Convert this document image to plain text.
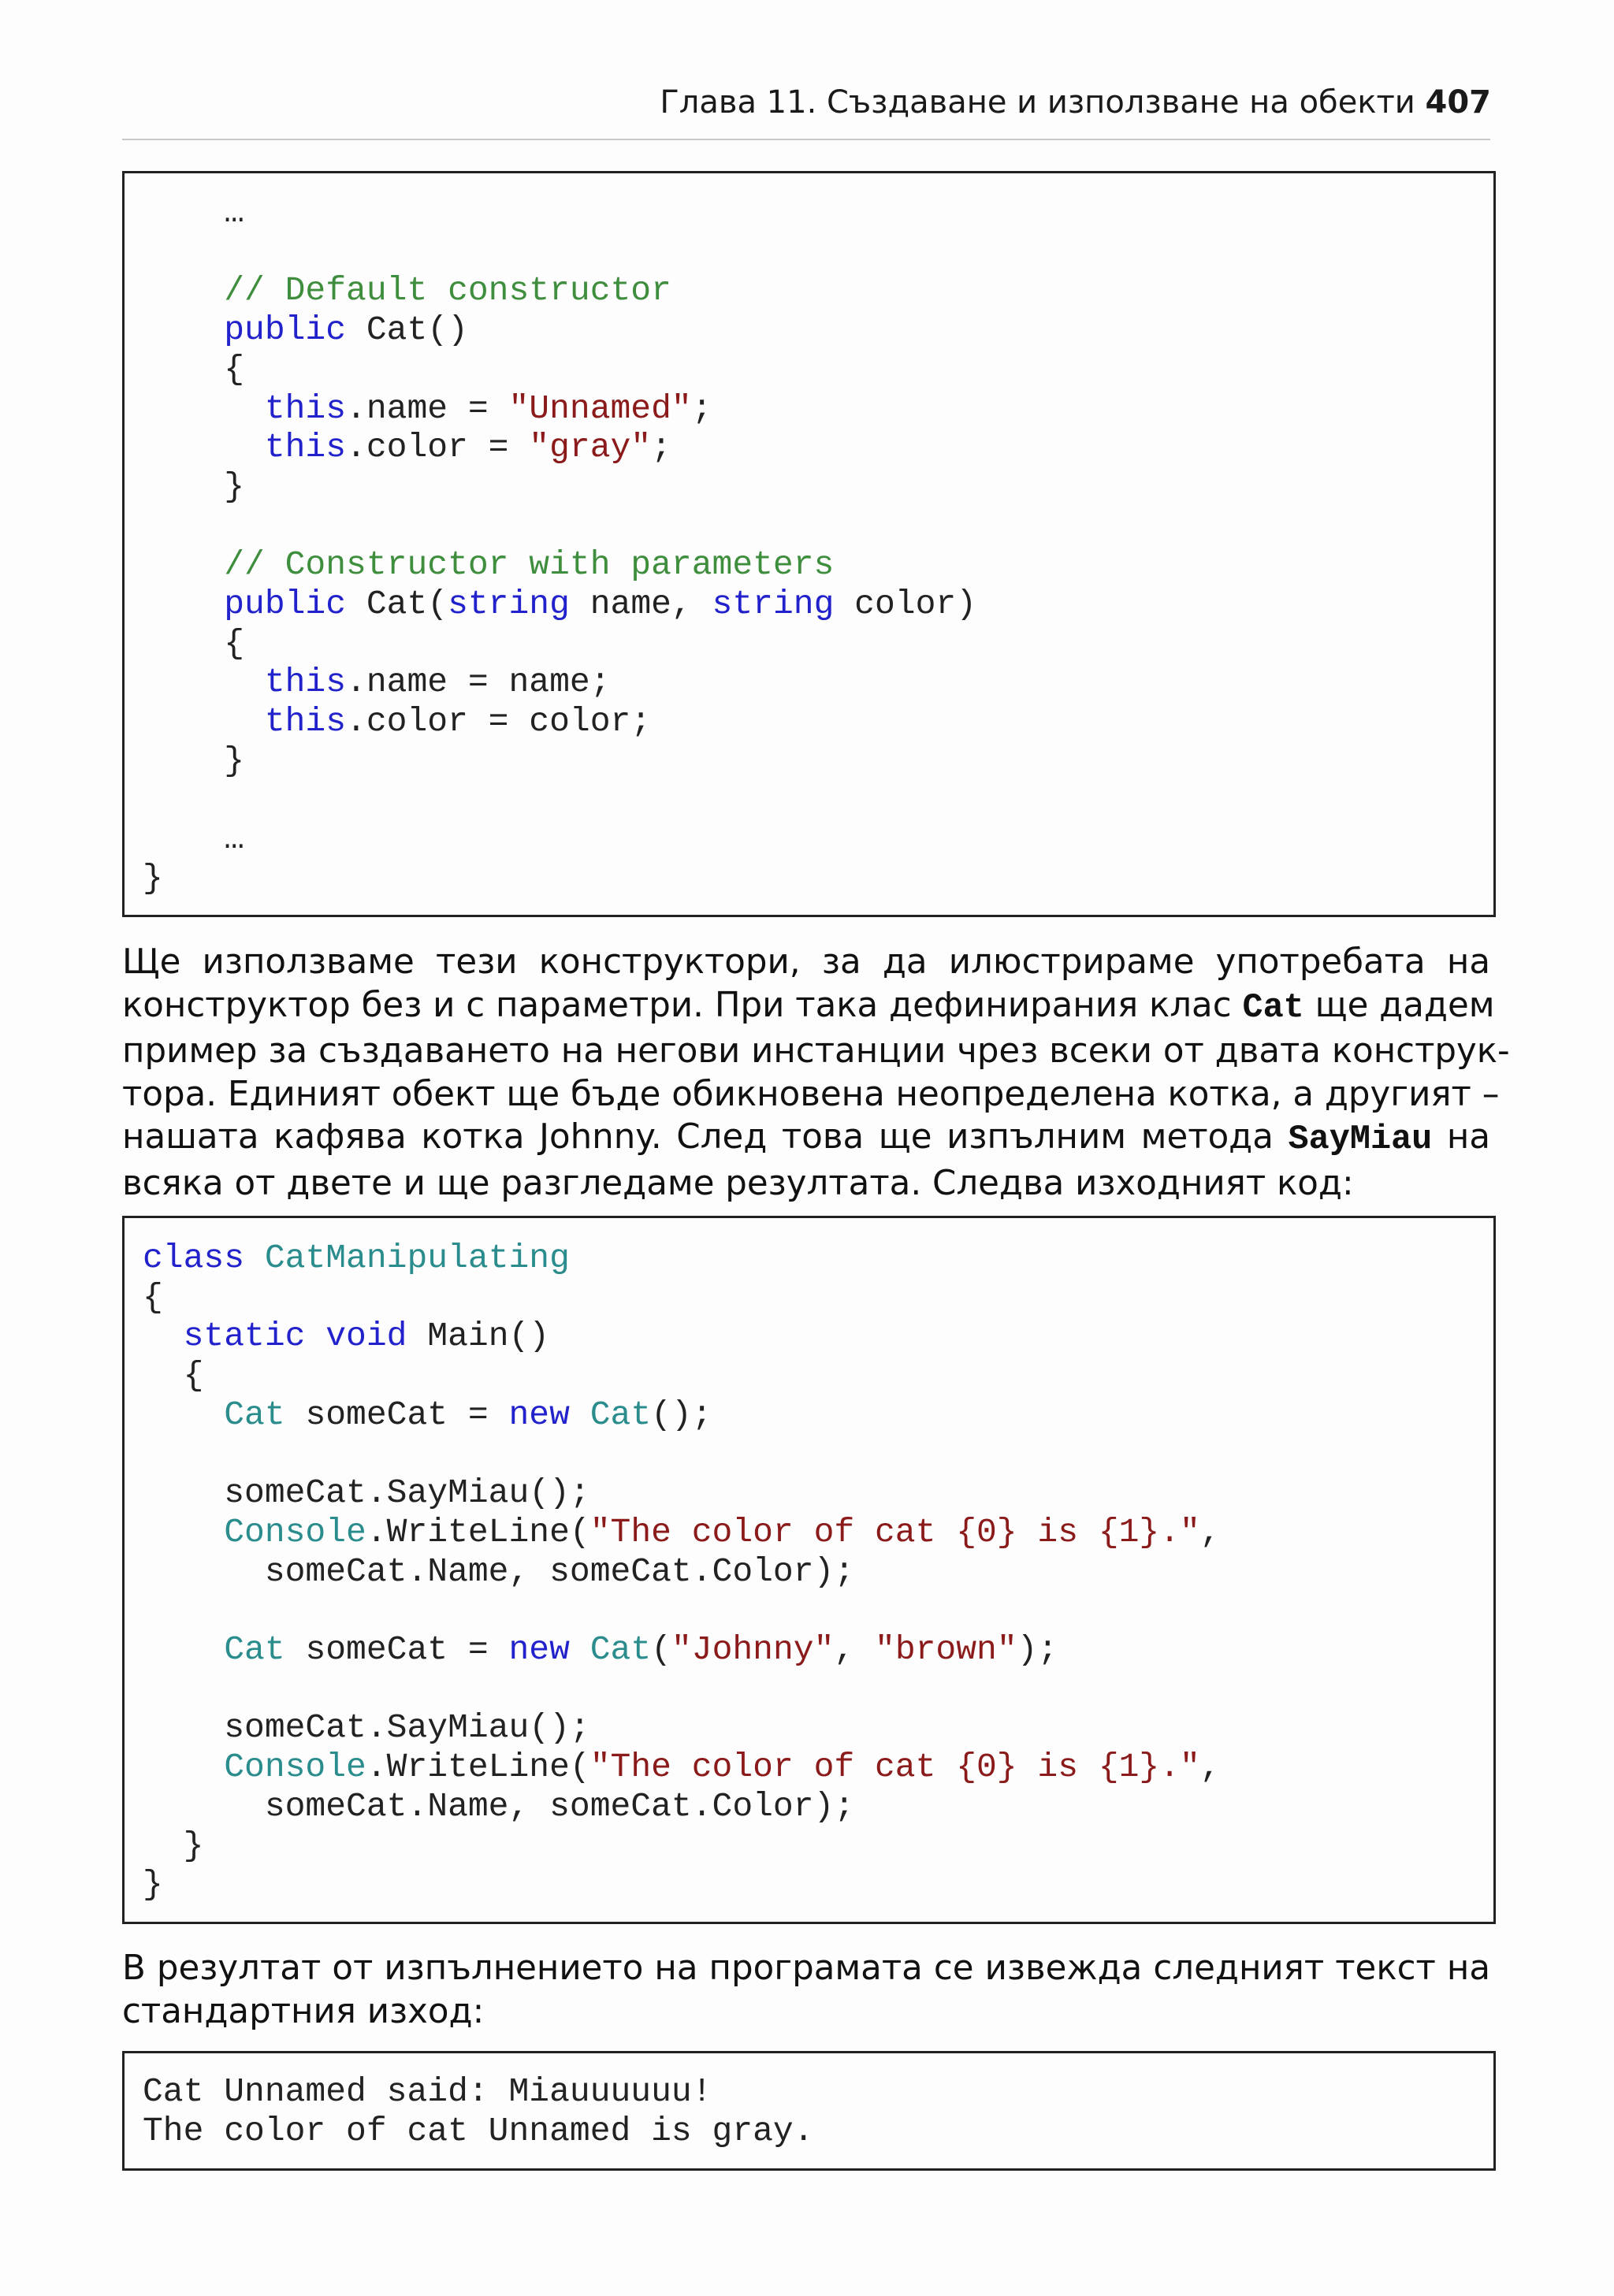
Глава 11. Създаване и използване на обекти 407
…

// Default constructor
public Cat()
{
this.name = "Unnamed";
this.color = "gray";
}

// Constructor with parameters
public Cat(string name, string color)
{
this.name = name;
this.color = color;
}

…
}
Ще използваме тези конструктори, за да илюстрираме употребата на
конструктор без и с параметри. При така дефинирания клас Cat ще дадем
пример за създаването на негови инстанции чрез всеки от двата конструк-
тора. Единият обект ще бъде обикновена неопределена котка, а другият –
нашата кафява котка Johnny. След това ще изпълним метода SayMiau на
всяка от двете и ще разгледаме резултата. Следва изходният код:
class CatManipulating
{
static void Main()
{
Cat someCat = new Cat();

someCat.SayMiau();
Console.WriteLine("The color of cat {0} is {1}.",
someCat.Name, someCat.Color);

Cat someCat = new Cat("Johnny", "brown");

someCat.SayMiau();
Console.WriteLine("The color of cat {0} is {1}.",
someCat.Name, someCat.Color);
}
}
В резултат от изпълнението на програмата се извежда следният текст на
стандартния изход:
Cat Unnamed said: Miauuuuuu!
The color of cat Unnamed is gray.
